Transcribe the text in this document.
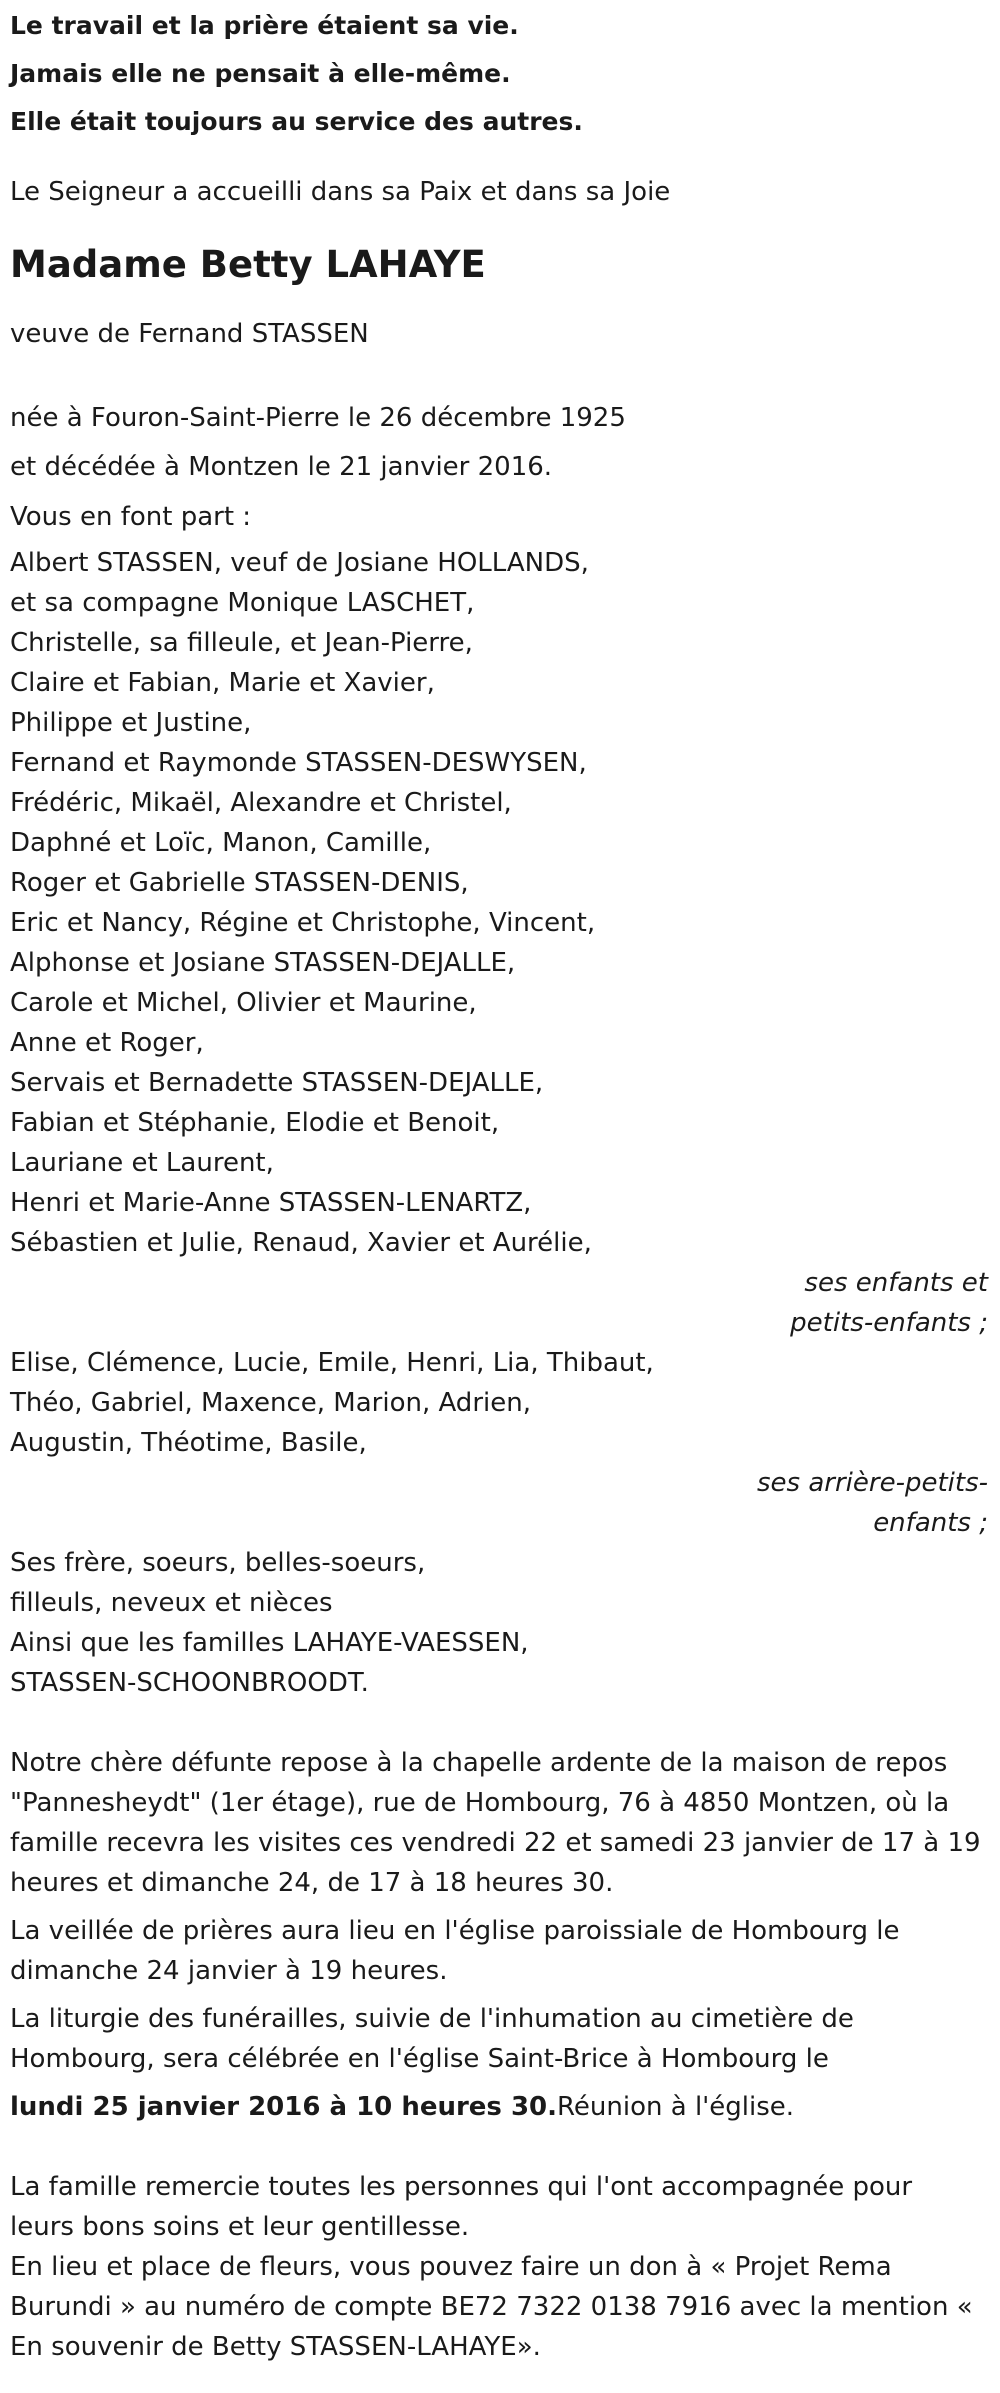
Le travail et la prière étaient sa vie.
Jamais elle ne pensait à elle-même.
Elle était toujours au service des autres.
Le Seigneur a accueilli dans sa Paix et dans sa Joie
Madame Betty LAHAYE
veuve de Fernand STASSEN
née à Fouron-Saint-Pierre le 26 décembre 1925
et décédée à Montzen le 21 janvier 2016.
Vous en font part :
Albert STASSEN, veuf de Josiane HOLLANDS,
et sa compagne Monique LASCHET,
Christelle, sa filleule, et Jean-Pierre,
Claire et Fabian, Marie et Xavier,
Philippe et Justine,
Fernand et Raymonde STASSEN-DESWYSEN,
Frédéric, Mikaël, Alexandre et Christel,
Daphné et Loïc, Manon, Camille,
Roger et Gabrielle STASSEN-DENIS,
Eric et Nancy, Régine et Christophe, Vincent,
Alphonse et Josiane STASSEN-DEJALLE,
Carole et Michel, Olivier et Maurine,
Anne et Roger,
Servais et Bernadette STASSEN-DEJALLE,
Fabian et Stéphanie, Elodie et Benoit,
Lauriane et Laurent,
Henri et Marie-Anne STASSEN-LENARTZ,
Sébastien et Julie, Renaud, Xavier et Aurélie,
ses enfants et
petits-enfants ;
Elise, Clémence, Lucie, Emile, Henri, Lia, Thibaut,
Théo, Gabriel, Maxence, Marion, Adrien,
Augustin, Théotime, Basile,
ses arrière-petits-
enfants ;
Ses frère, soeurs, belles-soeurs,
filleuls, neveux et nièces
Ainsi que les familles LAHAYE-VAESSEN,
STASSEN-SCHOONBROODT.
Notre chère défunte repose à la chapelle ardente de la maison de repos
"Pannesheydt" (1er étage), rue de Hombourg, 76 à 4850 Montzen, où la
famille recevra les visites ces vendredi 22 et samedi 23 janvier de 17 à 19
heures et dimanche 24, de 17 à 18 heures 30.
La veillée de prières aura lieu en l'église paroissiale de Hombourg le
dimanche 24 janvier à 19 heures.
La liturgie des funérailles, suivie de l'inhumation au cimetière de
Hombourg, sera célébrée en l'église Saint-Brice à Hombourg le
lundi 25 janvier 2016 à 10 heures 30.Réunion à l'église.
La famille remercie toutes les personnes qui l'ont accompagnée pour
leurs bons soins et leur gentillesse.
En lieu et place de fleurs, vous pouvez faire un don à « Projet Rema
Burundi » au numéro de compte BE72 7322 0138 7916 avec la mention «
En souvenir de Betty STASSEN-LAHAYE».
